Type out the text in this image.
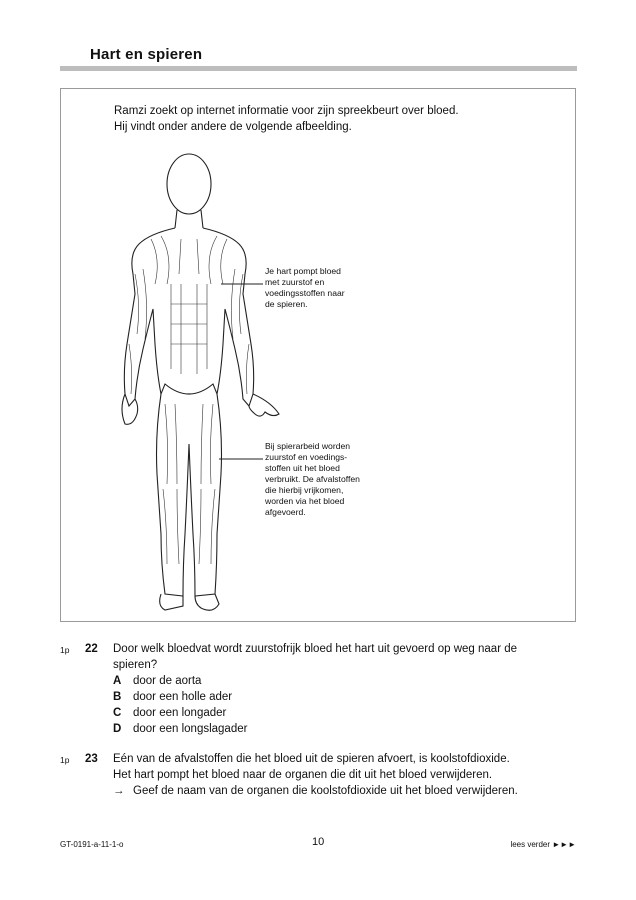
Hart en spieren
Ramzi zoekt op internet informatie voor zijn spreekbeurt over bloed.
Hij vindt onder andere de volgende afbeelding.
Je hart pompt bloed
met zuurstof en
voedingsstoffen naar
de spieren.
Bij spierarbeid worden
zuurstof en voedings-
stoffen uit het bloed
verbruikt. De afvalstoffen
die hierbij vrijkomen,
worden via het bloed
afgevoerd.
1p 22 Door welk bloedvat wordt zuurstofrijk bloed het hart uit gevoerd op weg naar de
spieren?
A door de aorta
B door een holle ader
C door een longader
D door een longslagader
1p 23 Eén van de afvalstoffen die het bloed uit de spieren afvoert, is koolstofdioxide.
Het hart pompt het bloed naar de organen die dit uit het bloed verwijderen.
→ Geef de naam van de organen die koolstofdioxide uit het bloed verwijderen.
GT-0191-a-11-1-o	10	lees verder ►►►
